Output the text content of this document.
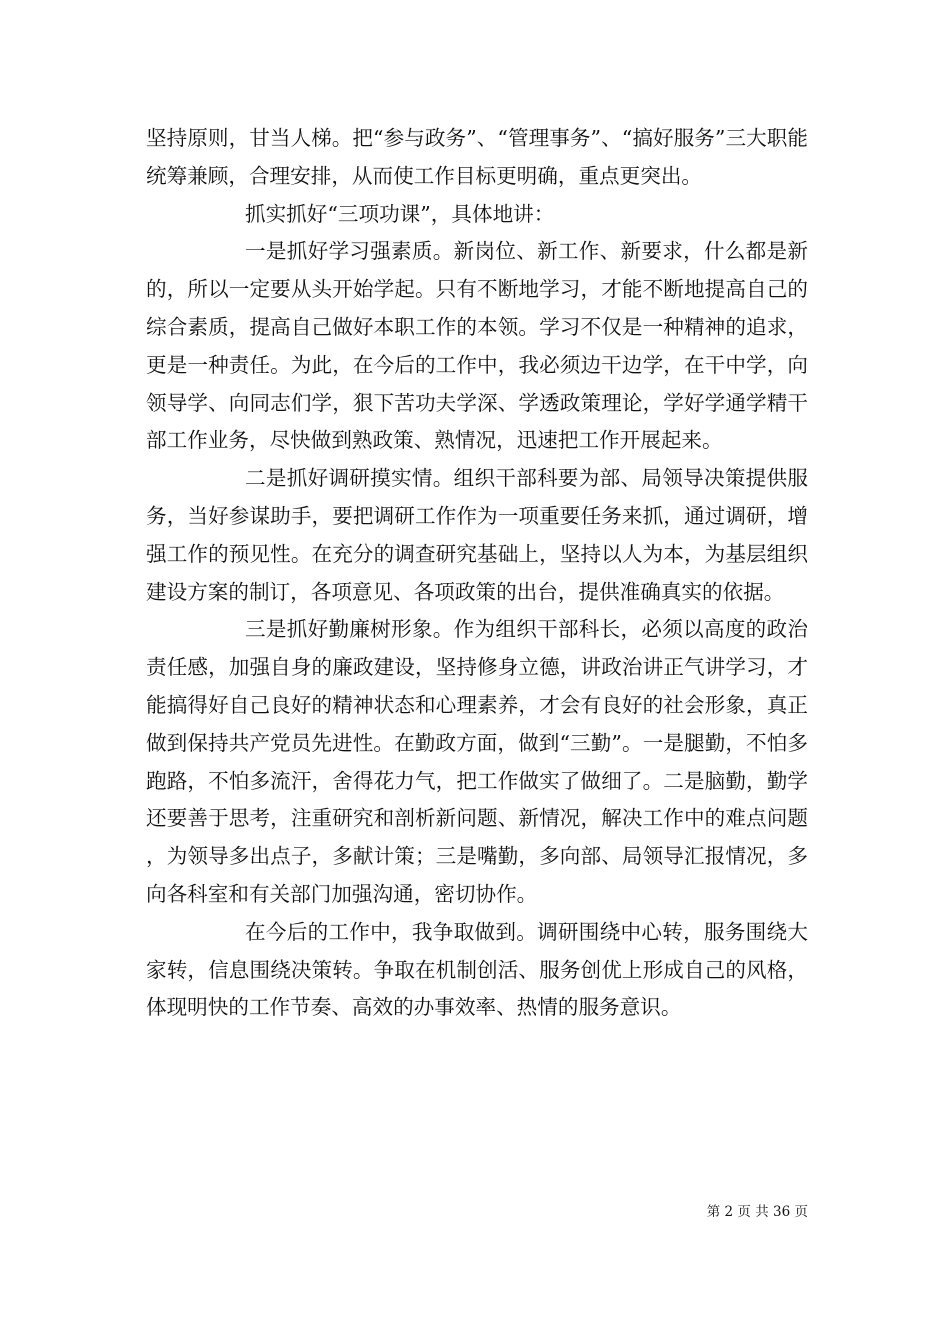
坚持原则，甘当人梯。把“参与政务”、“管理事务”、“搞好服务”三大职能统筹兼顾，合理安排，从而使工作目标更明确，重点更突出。

抓实抓好“三项功课”，具体地讲：

一是抓好学习强素质。新岗位、新工作、新要求，什么都是新的，所以一定要从头开始学起。只有不断地学习，才能不断地提高自己的综合素质，提高自己做好本职工作的本领。学习不仅是一种精神的追求，更是一种责任。为此，在今后的工作中，我必须边干边学，在干中学，向领导学、向同志们学，狠下苦功夫学深、学透政策理论，学好学通学精干部工作业务，尽快做到熟政策、熟情况，迅速把工作开展起来。

二是抓好调研摸实情。组织干部科要为部、局领导决策提供服务，当好参谋助手，要把调研工作作为一项重要任务来抓，通过调研，增强工作的预见性。在充分的调查研究基础上，坚持以人为本，为基层组织建设方案的制订，各项意见、各项政策的出台，提供准确真实的依据。

三是抓好勤廉树形象。作为组织干部科长，必须以高度的政治责任感，加强自身的廉政建设，坚持修身立德，讲政治讲正气讲学习，才能搞得好自己良好的精神状态和心理素养，才会有良好的社会形象，真正做到保持共产党员先进性。在勤政方面，做到“三勤”。一是腿勤，不怕多跑路，不怕多流汗，舍得花力气，把工作做实了做细了。二是脑勤，勤学还要善于思考，注重研究和剖析新问题、新情况，解决工作中的难点问题，为领导多出点子，多献计策；三是嘴勤，多向部、局领导汇报情况，多向各科室和有关部门加强沟通，密切协作。

在今后的工作中，我争取做到。调研围绕中心转，服务围绕大家转，信息围绕决策转。争取在机制创活、服务创优上形成自己的风格，体现明快的工作节奏、高效的办事效率、热情的服务意识。

第 2 页 共 36 页
